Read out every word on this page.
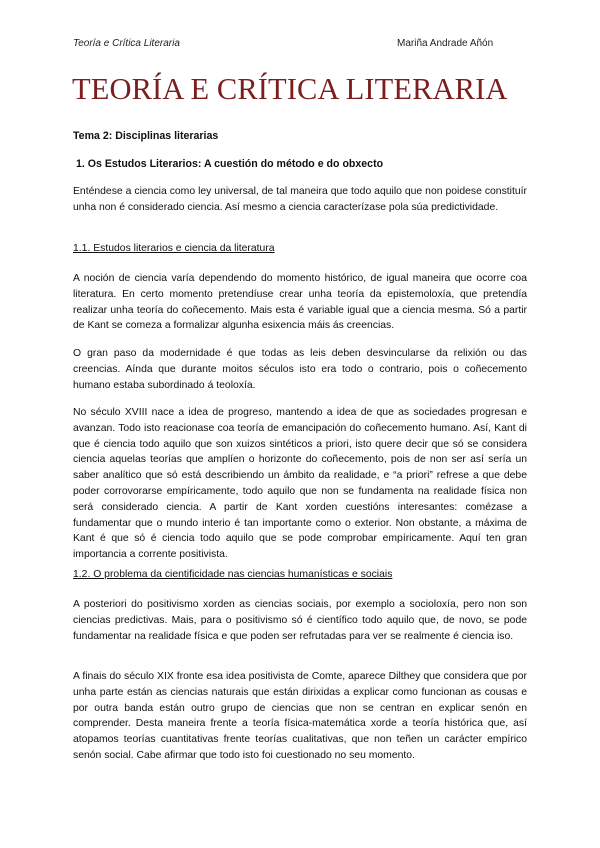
Teoría e Crítica Literaria	Mariña Andrade Añón
TEORÍA E CRÍTICA LITERARIA

Tema 2: Disciplinas literarias

1. Os Estudos Literarios: A cuestión do método e do obxecto

Enténdese a ciencia como ley universal, de tal maneira que todo aquilo que non poidese constituír unha non é considerado ciencia. Así mesmo a ciencia caracterízase pola súa predictividade.

1.1. Estudos literarios e ciencia da literatura

A noción de ciencia varía dependendo do momento histórico, de igual maneira que ocorre coa literatura. En certo momento pretendíuse crear unha teoría da epistemoloxía, que pretendía realizar unha teoría do coñecemento. Mais esta é variable igual que a ciencia mesma. Só a partir de Kant se comeza a formalizar algunha esixencia máis ás creencias.

O gran paso da modernidade é que todas as leis deben desvincularse da relixión ou das creencias. Aínda que durante moitos séculos isto era todo o contrario, pois o coñecemento humano estaba subordinado á teoloxía.

No século XVIII nace a idea de progreso, mantendo a idea de que as sociedades progresan e avanzan. Todo isto reacionase coa teoría de emancipación do coñecemento humano. Así, Kant di que é ciencia todo aquilo que son xuizos sintéticos a priori, isto quere decir que só se considera ciencia aquelas teorías que amplíen o horizonte do coñecemento, pois de non ser así sería un saber analítico que só está describiendo un ámbito da realidade, e “a priori” refrese a que debe poder corrovorarse empíricamente, todo aquilo que non se fundamenta na realidade física non será considerado ciencia. A partir de Kant xorden cuestións interesantes: comézase a fundamentar que o mundo interio é tan importante como o exterior. Non obstante, a máxima de Kant é que só é ciencia todo aquilo que se pode comprobar empíricamente. Aquí ten gran importancia a corrente positivista.

1.2. O problema da cientificidade nas ciencias humanísticas e sociais

A posteriori do positivismo xorden as ciencias sociais, por exemplo a socioloxía, pero non son ciencias predictivas. Mais, para o positivismo só é científico todo aquilo que, de novo, se pode fundamentar na realidade física e que poden ser refrutadas para ver se realmente é ciencia iso.

A finais do século XIX fronte esa idea positivista de Comte, aparece Dilthey que considera que por unha parte están as ciencias naturais que están dirixidas a explicar como funcionan as cousas e por outra banda están outro grupo de ciencias que non se centran en explicar senón en comprender. Desta maneira frente a teoría física-matemática xorde a teoría histórica que, así atopamos teorías cuantitativas frente teorías cualitativas, que non teñen un carácter empírico senón social. Cabe afirmar que todo isto foi cuestionado no seu momento.
